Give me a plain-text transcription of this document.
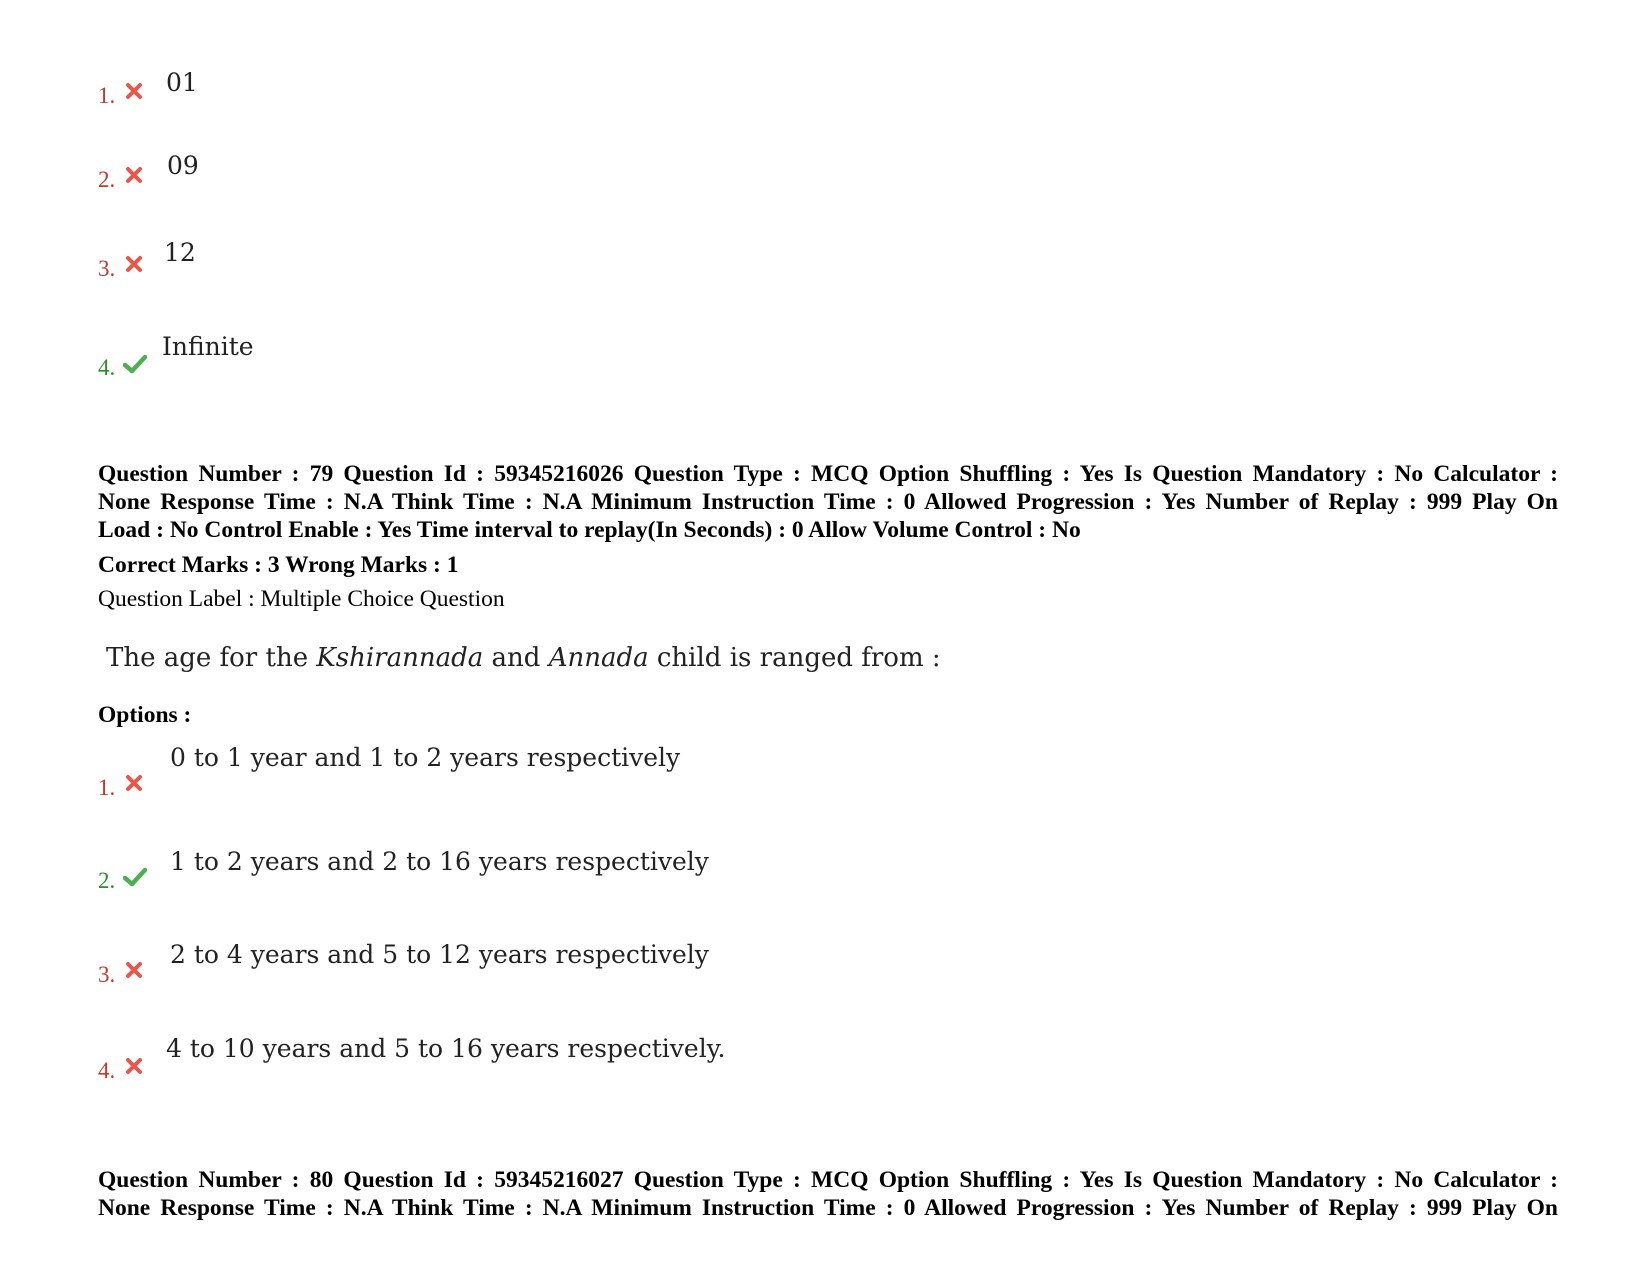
1. 01
2. 09
3.
12
4.
Infinite
Question Number : 79 Question Id : 59345216026 Question Type : MCQ Option Shuffling : Yes Is Question Mandatory : No Calculator :
None Response Time : N.A Think Time : N.A Minimum Instruction Time : 0 Allowed Progression : Yes Number of Replay : 999 Play On
Load : No Control Enable : Yes Time interval to replay(In Seconds) : 0 Allow Volume Control : No
Correct Marks : 3 Wrong Marks : 1
Question Label : Multiple Choice Question
The age for the Kshirannada and Annada child is ranged from :
Options :
1.
0 to 1 year and 1 to 2 years respectively
2.
1 to 2 years and 2 to 16 years respectively
3.
2 to 4 years and 5 to 12 years respectively
4.
4 to 10 years and 5 to 16 years respectively.
Question Number : 80 Question Id : 59345216027 Question Type : MCQ Option Shuffling : Yes Is Question Mandatory : No Calculator :
None Response Time : N.A Think Time : N.A Minimum Instruction Time : 0 Allowed Progression : Yes Number of Replay : 999 Play On
